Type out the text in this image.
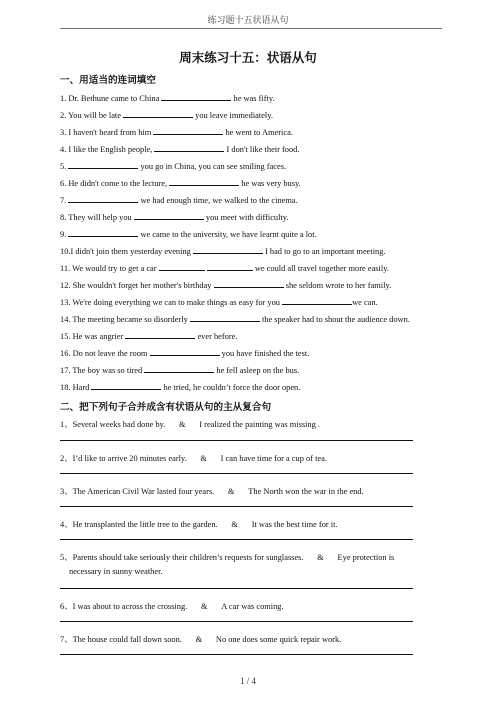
练习题十五状语从句
周末练习十五：状语从句
一、用适当的连词填空
1. Dr. Bethune came to China	he was fifty.
2. You will be late	you leave immediately.
3. I haven't heard from him	he went to America.
4. I like the English people,	I don't like their food.
5.	you go in China, you can see smiling faces.
6. He didn't come to the lecture,	he was very busy.
7.	we had enough time, we walked to the cinema.
8. They will help you	you meet with difficulty.
9.	we came to the university, we have learnt quite a lot.
10.I didn't join them yesterday evening	I had to go to an important meeting.
11. We would try to get a car	we could all travel together more easily.
12. She wouldn't forget her mother's birthday	she seldom wrote to her family.
13. We're doing everything we can to make things as easy for you	we can.
14. The meeting became so disorderly	the speaker had to shout the audience down.
15. He was angrier	ever before.
16. Do not leave the room	you have finished the test.
17. The boy was so tired	he fell asleep on the bus.
18. Hard	he tried, he couldn’t force the door open.
二、把下列句子合并成含有状语从句的主从复合句
1、Several weeks had done by. & I realized the painting was missing .
2、I’d like to arrive 20 minutes early. & I can have time for a cup of tea.
3、The American Civil War lasted four years. & The North won the war in the end.
4、He transplanted the little tree to the garden. & It was the best time for it.
5、Parents should take seriously their children’s requests for sunglasses. & Eye protection is
necessary in sunny weather.
6、I was about to across the crossing. & A car was coming.
7、The house could fall down soon. & No one does some quick repair work.
1 / 4
